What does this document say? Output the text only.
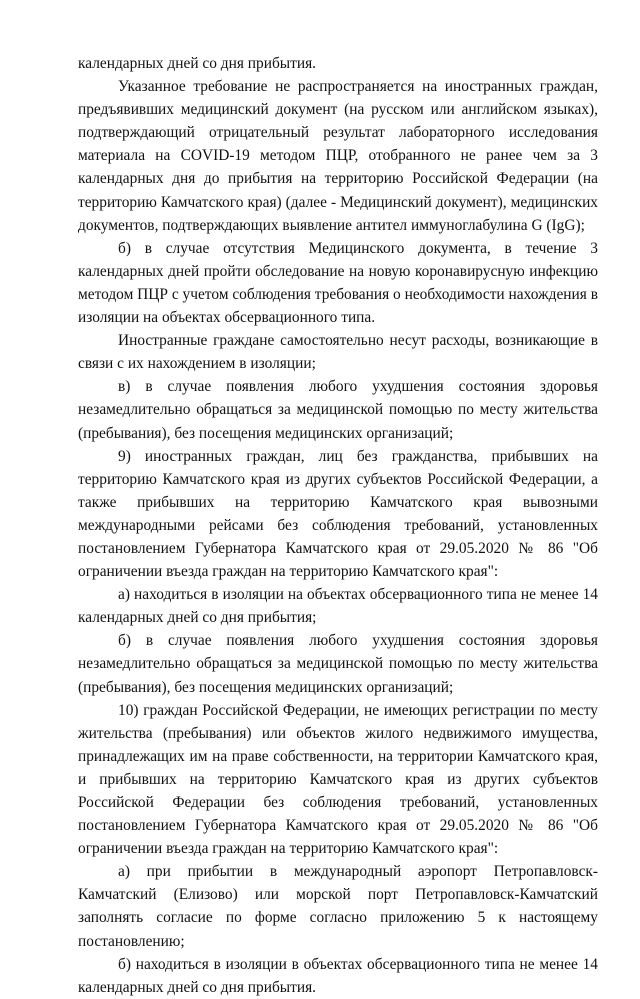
календарных дней со дня прибытия.

Указанное требование не распространяется на иностранных граждан, предъявивших медицинский документ (на русском или английском языках), подтверждающий отрицательный результат лабораторного исследования материала на COVID-19 методом ПЦР, отобранного не ранее чем за 3 календарных дня до прибытия на территорию Российской Федерации (на территорию Камчатского края) (далее - Медицинский документ), медицинских документов, подтверждающих выявление антител иммуноглабулина G (IgG);

б) в случае отсутствия Медицинского документа, в течение 3 календарных дней пройти обследование на новую коронавирусную инфекцию методом ПЦР с учетом соблюдения требования о необходимости нахождения в изоляции на объектах обсервационного типа.

Иностранные граждане самостоятельно несут расходы, возникающие в связи с их нахождением в изоляции;

в) в случае появления любого ухудшения состояния здоровья незамедлительно обращаться за медицинской помощью по месту жительства (пребывания), без посещения медицинских организаций;

9) иностранных граждан, лиц без гражданства, прибывших на территорию Камчатского края из других субъектов Российской Федерации, а также прибывших на территорию Камчатского края вывозными международными рейсами без соблюдения требований, установленных постановлением Губернатора Камчатского края от 29.05.2020 № 86 "Об ограничении въезда граждан на территорию Камчатского края":

а) находиться в изоляции на объектах обсервационного типа не менее 14 календарных дней со дня прибытия;

б) в случае появления любого ухудшения состояния здоровья незамедлительно обращаться за медицинской помощью по месту жительства (пребывания), без посещения медицинских организаций;

10) граждан Российской Федерации, не имеющих регистрации по месту жительства (пребывания) или объектов жилого недвижимого имущества, принадлежащих им на праве собственности, на территории Камчатского края, и прибывших на территорию Камчатского края из других субъектов Российской Федерации без соблюдения требований, установленных постановлением Губернатора Камчатского края от 29.05.2020 № 86 "Об ограничении въезда граждан на территорию Камчатского края":

а) при прибытии в международный аэропорт Петропавловск-Камчатский (Елизово) или морской порт Петропавловск-Камчатский заполнять согласие по форме согласно приложению 5 к настоящему постановлению;

б) находиться в изоляции в объектах обсервационного типа не менее 14 календарных дней со дня прибытия.
